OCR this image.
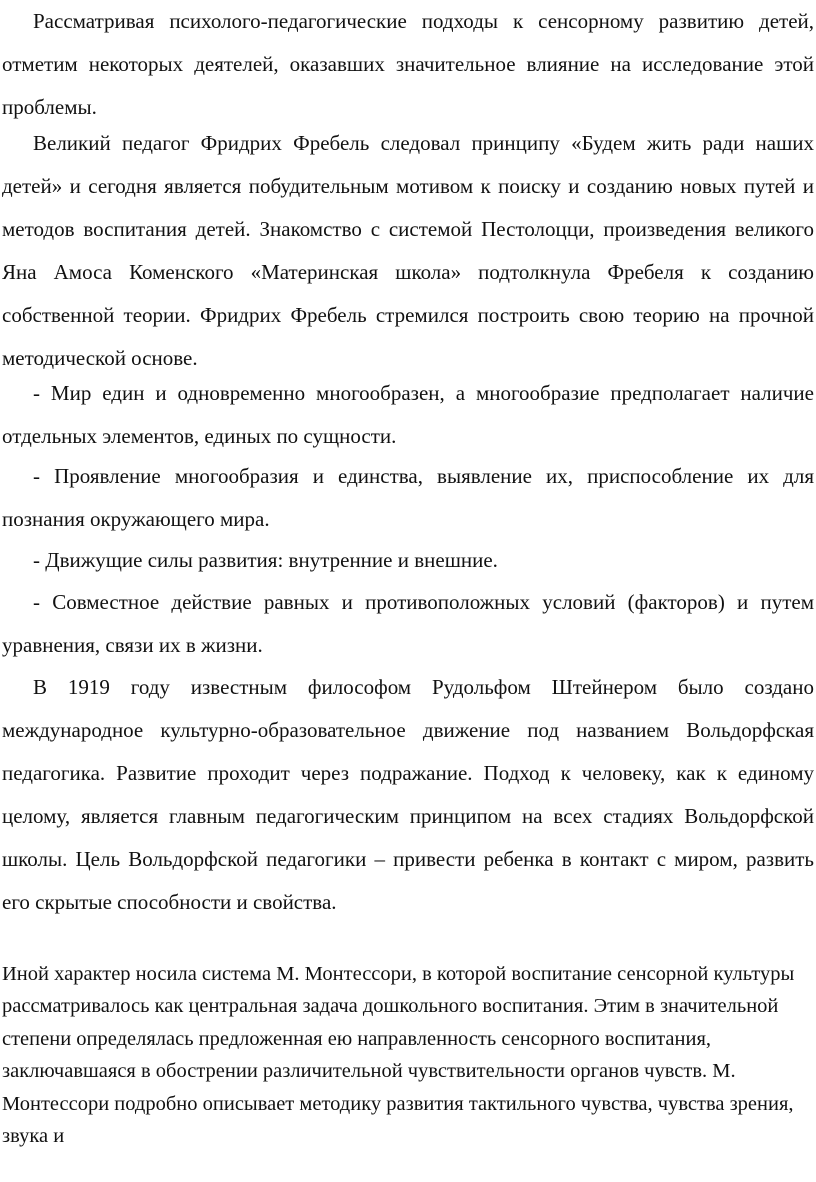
Рассматривая психолого-педагогические подходы к сенсорному развитию детей, отметим некоторых деятелей, оказавших значительное влияние на исследование этой проблемы.

Великий педагог Фридрих Фребель следовал принципу «Будем жить ради наших детей» и сегодня является побудительным мотивом к поиску и созданию новых путей и методов воспитания детей. Знакомство с системой Пестолоцци, произведения великого Яна Амоса Коменского «Материнская школа» подтолкнула Фребеля к созданию собственной теории. Фридрих Фребель стремился построить свою теорию на прочной методической основе.

- Мир един и одновременно многообразен, а многообразие предполагает наличие отдельных элементов, единых по сущности.

- Проявление многообразия и единства, выявление их, приспособление их для познания окружающего мира.

- Движущие силы развития: внутренние и внешние.

- Совместное действие равных и противоположных условий (факторов) и путем уравнения, связи их в жизни.

В 1919 году известным философом Рудольфом Штейнером было создано международное культурно-образовательное движение под названием Вольдорфская педагогика. Развитие проходит через подражание. Подход к человеку, как к единому целому, является главным педагогическим принципом на всех стадиях Вольдорфской школы. Цель Вольдорфской педагогики – привести ребенка в контакт с миром, развить его скрытые способности и свойства.

Иной характер носила система М. Монтессори, в которой воспитание сенсорной культуры рассматривалось как центральная задача дошкольного воспитания. Этим в значительной степени определялась предложенная ею направленность сенсорного воспитания, заключавшаяся в обострении различительной чувствительности органов чувств. М. Монтессори подробно описывает методику развития тактильного чувства, чувства зрения, звука и
